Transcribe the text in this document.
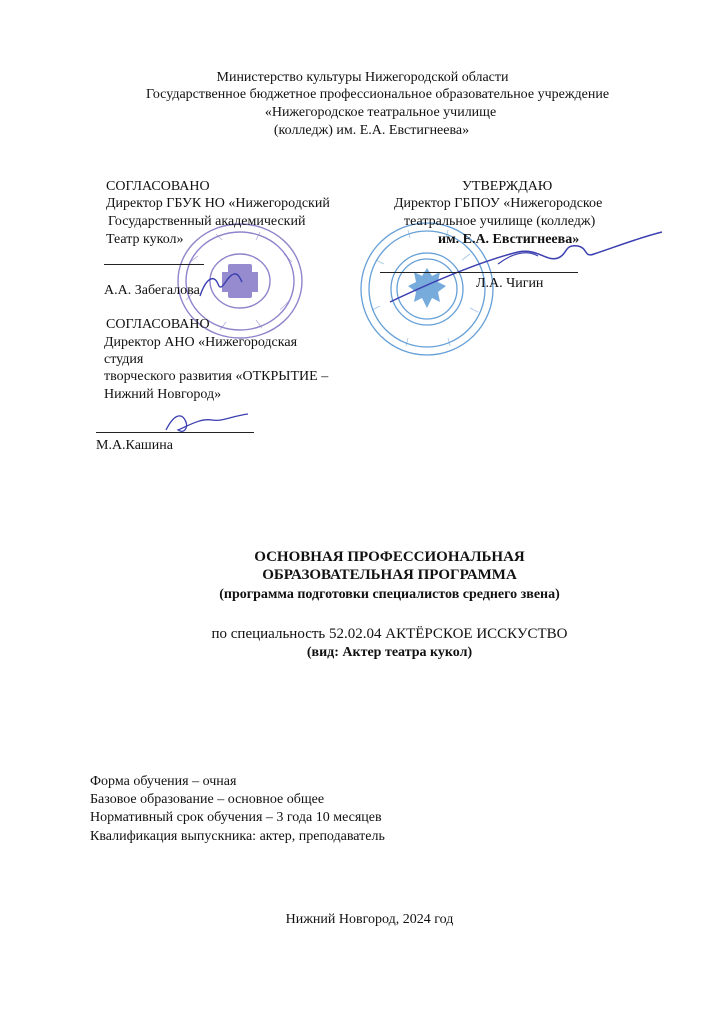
Министерство культуры Нижегородской области
Государственное бюджетное профессиональное образовательное учреждение
«Нижегородское театральное училище
(колледж) им. Е.А. Евстигнеева»
СОГЛАСОВАНО
Директор ГБУК НО «Нижегородский
Государственный академический
Театр кукол»
А.А. Забегалова
СОГЛАСОВАНО
Директор АНО «Нижегородская
студия
творческого развития «ОТКРЫТИЕ –
Нижний Новгород»
М.А.Кашина
УТВЕРЖДАЮ
Директор ГБПОУ «Нижегородское
театральное училище (колледж)
им. Е.А. Евстигнеева»
Л.А. Чигин
ОСНОВНАЯ ПРОФЕССИОНАЛЬНАЯ
ОБРАЗОВАТЕЛЬНАЯ ПРОГРАММА
(программа подготовки специалистов среднего звена)
по специальность 52.02.04 АКТЁРСКОЕ ИССКУСТВО
(вид: Актер театра кукол)
Форма обучения – очная
Базовое образование – основное общее
Нормативный срок обучения – 3 года 10 месяцев
Квалификация выпускника: актер, преподаватель
Нижний Новгород, 2024 год
